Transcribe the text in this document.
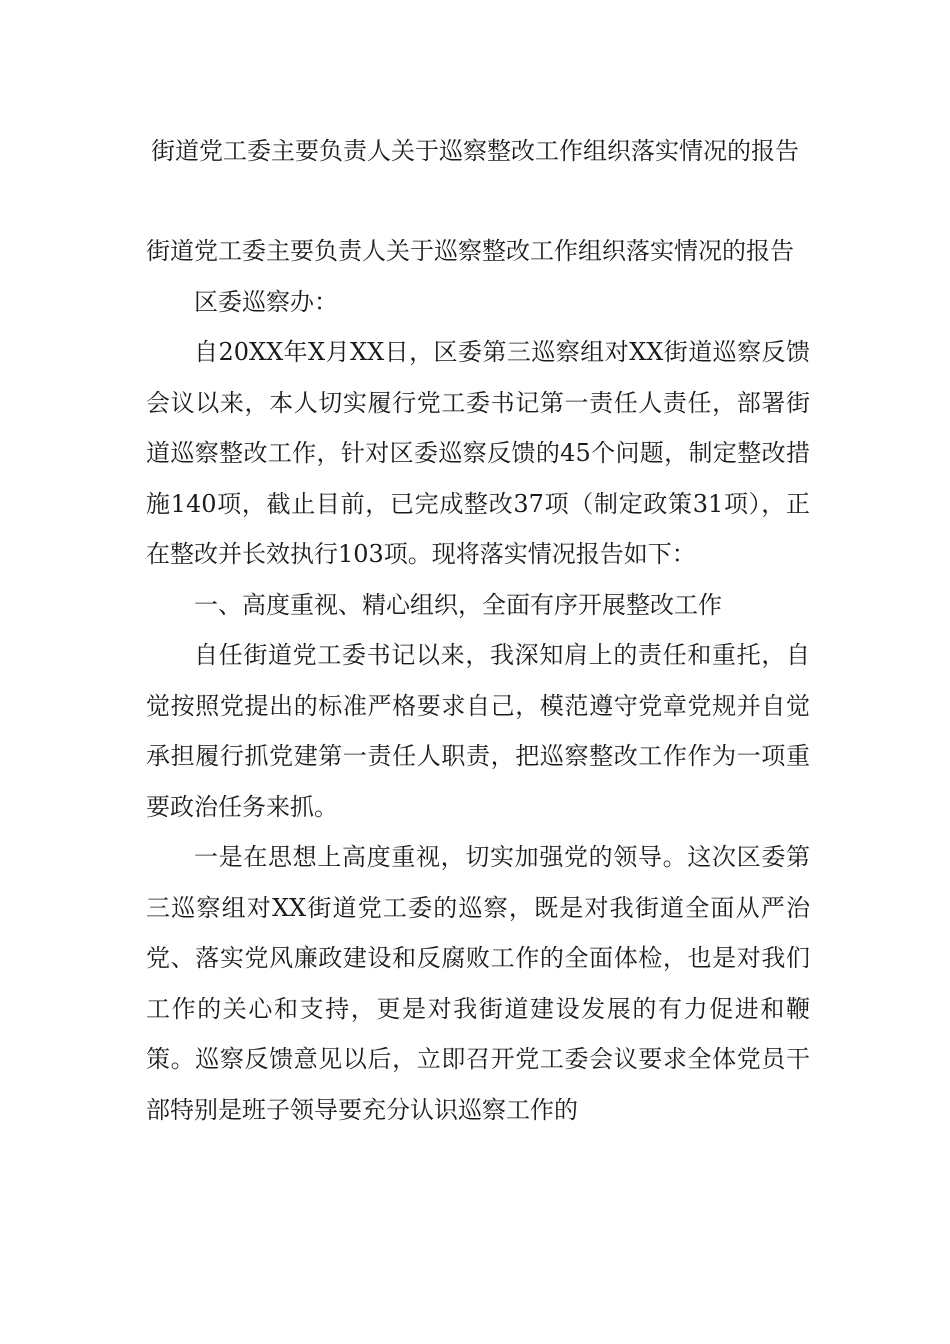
街道党工委主要负责人关于巡察整改工作组织落实情况的报告

街道党工委主要负责人关于巡察整改工作组织落实情况的报告

区委巡察办：

自20XX年X月XX日，区委第三巡察组对XX街道巡察反馈会议以来，本人切实履行党工委书记第一责任人责任，部署街道巡察整改工作，针对区委巡察反馈的45个问题，制定整改措施140项，截止目前，已完成整改37项（制定政策31项），正在整改并长效执行103项。现将落实情况报告如下：

一、高度重视、精心组织，全面有序开展整改工作

自任街道党工委书记以来，我深知肩上的责任和重托，自觉按照党提出的标准严格要求自己，模范遵守党章党规并自觉承担履行抓党建第一责任人职责，把巡察整改工作作为一项重要政治任务来抓。

一是在思想上高度重视，切实加强党的领导。这次区委第三巡察组对XX街道党工委的巡察，既是对我街道全面从严治党、落实党风廉政建设和反腐败工作的全面体检，也是对我们工作的关心和支持，更是对我街道建设发展的有力促进和鞭策。巡察反馈意见以后，立即召开党工委会议要求全体党员干部特别是班子领导要充分认识巡察工作的
